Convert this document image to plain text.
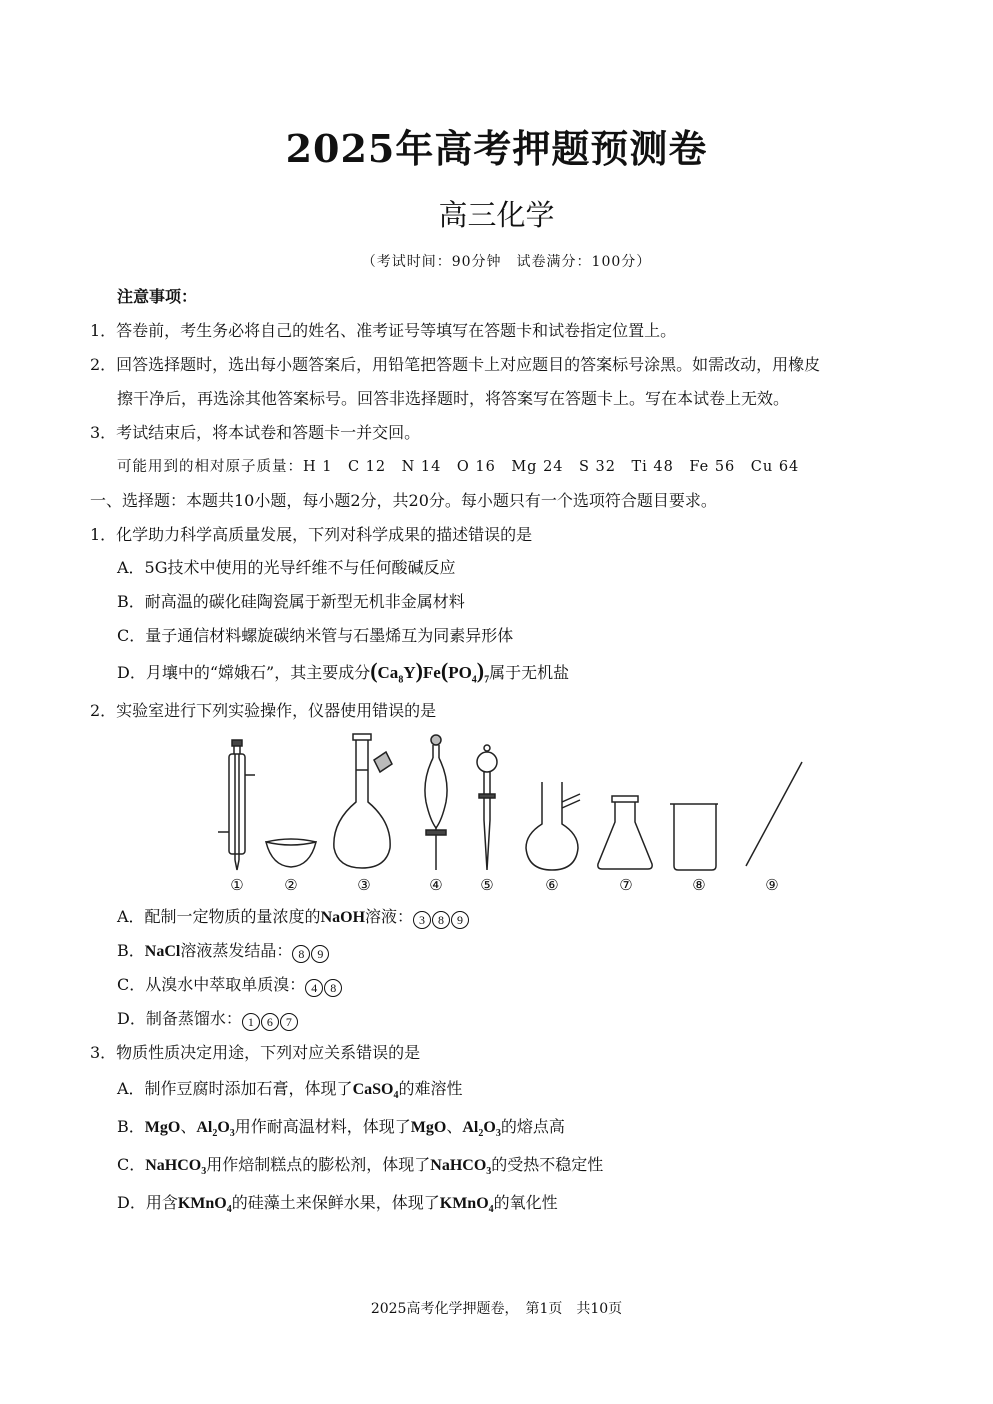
2025年高考押题预测卷
高三化学
（考试时间：90分钟　试卷满分：100分）
注意事项：
1．答卷前，考生务必将自己的姓名、准考证号等填写在答题卡和试卷指定位置上。
2．回答选择题时，选出每小题答案后，用铅笔把答题卡上对应题目的答案标号涂黑。如需改动，用橡皮
擦干净后，再选涂其他答案标号。回答非选择题时，将答案写在答题卡上。写在本试卷上无效。
3．考试结束后，将本试卷和答题卡一并交回。
可能用到的相对原子质量：H 1　C 12　N 14　O 16　Mg 24　S 32　Ti 48　Fe 56　Cu 64
一、选择题：本题共10小题，每小题2分，共20分。每小题只有一个选项符合题目要求。
1．化学助力科学高质量发展，下列对科学成果的描述错误的是
A．5G技术中使用的光导纤维不与任何酸碱反应
B．耐高温的碳化硅陶瓷属于新型无机非金属材料
C．量子通信材料螺旋碳纳米管与石墨烯互为同素异形体
D．月壤中的“嫦娥石”，其主要成分$(Ca_8Y)Fe(PO_4)_7$属于无机盐
2．实验室进行下列实验操作，仪器使用错误的是
①	②	③	④	⑤	⑥	⑦	⑧	⑨
A．配制一定物质的量浓度的NaOH溶液： 3 8 9
B．NaCl溶液蒸发结晶： 8 9
C．从溴水中萃取单质溴： 4 8
D．制备蒸馏水： 1 6 7
3．物质性质决定用途，下列对应关系错误的是
A．制作豆腐时添加石膏，体现了CaSO$_4$的难溶性
B．MgO、$Al_2O_3$用作耐高温材料，体现了MgO、$Al_2O_3$的熔点高
C．NaHCO$_3$用作焙制糕点的膨松剂，体现了NaHCO$_3$的受热不稳定性
D．用含KMnO$_4$的硅藻土来保鲜水果，体现了KMnO$_4$的氧化性
2025高考化学押题卷，　第1页　共10页
